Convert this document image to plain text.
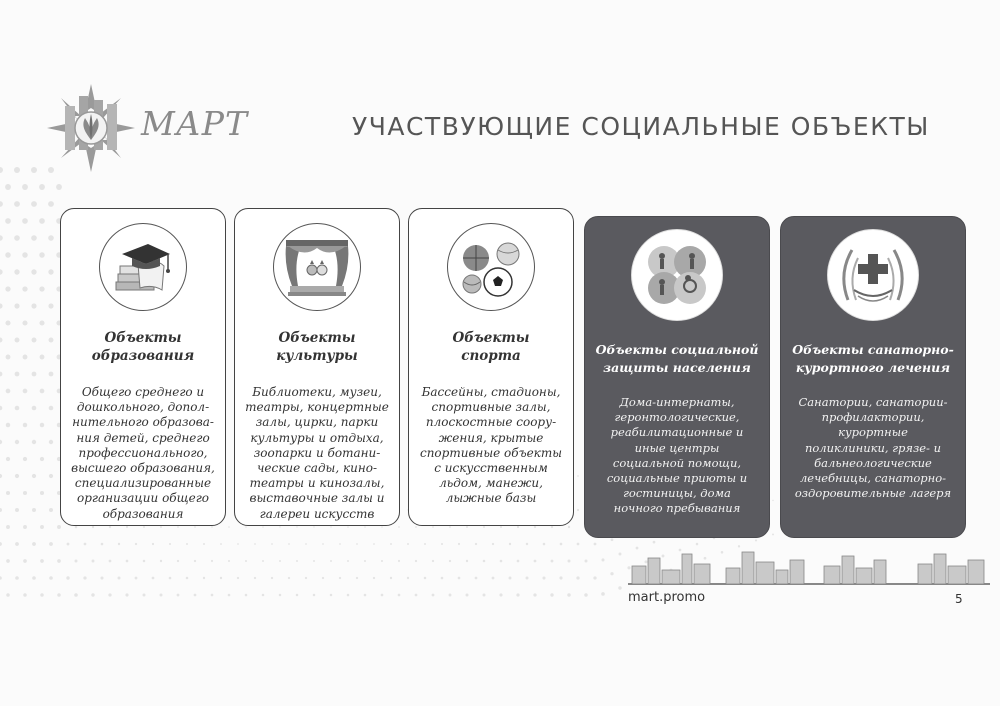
МАРТ	УЧАСТВУЮЩИЕ СОЦИАЛЬНЫЕ ОБЪЕКТЫ
Объекты
образования
Общего среднего и
дошкольного, допол-
нительного образова-
ния детей, среднего
профессионального,
высшего образования,
специализированные
организации общего
образования
Объекты
культуры
Библиотеки, музеи,
театры, концертные
залы, цирки, парки
культуры и отдыха,
зоопарки и ботани-
ческие сады, кино-
театры и кинозалы,
выставочные залы и
галереи искусств
Объекты
спорта
Бассейны, стадионы,
спортивные залы,
плоскостные соору-
жения, крытые
спортивные объекты
с искусственным
льдом, манежи,
лыжные базы
Объекты социальной
защиты населения
Дома-интернаты,
геронтологические,
реабилитационные и
иные центры
социальной помощи,
социальные приюты и
гостиницы, дома
ночного пребывания
Объекты санаторно-
курортного лечения
Санатории, санатории-
профилактории,
курортные
поликлиники, грязе- и
бальнеологические
лечебницы, санаторно-
оздоровительные лагеря
mart.promo	5
